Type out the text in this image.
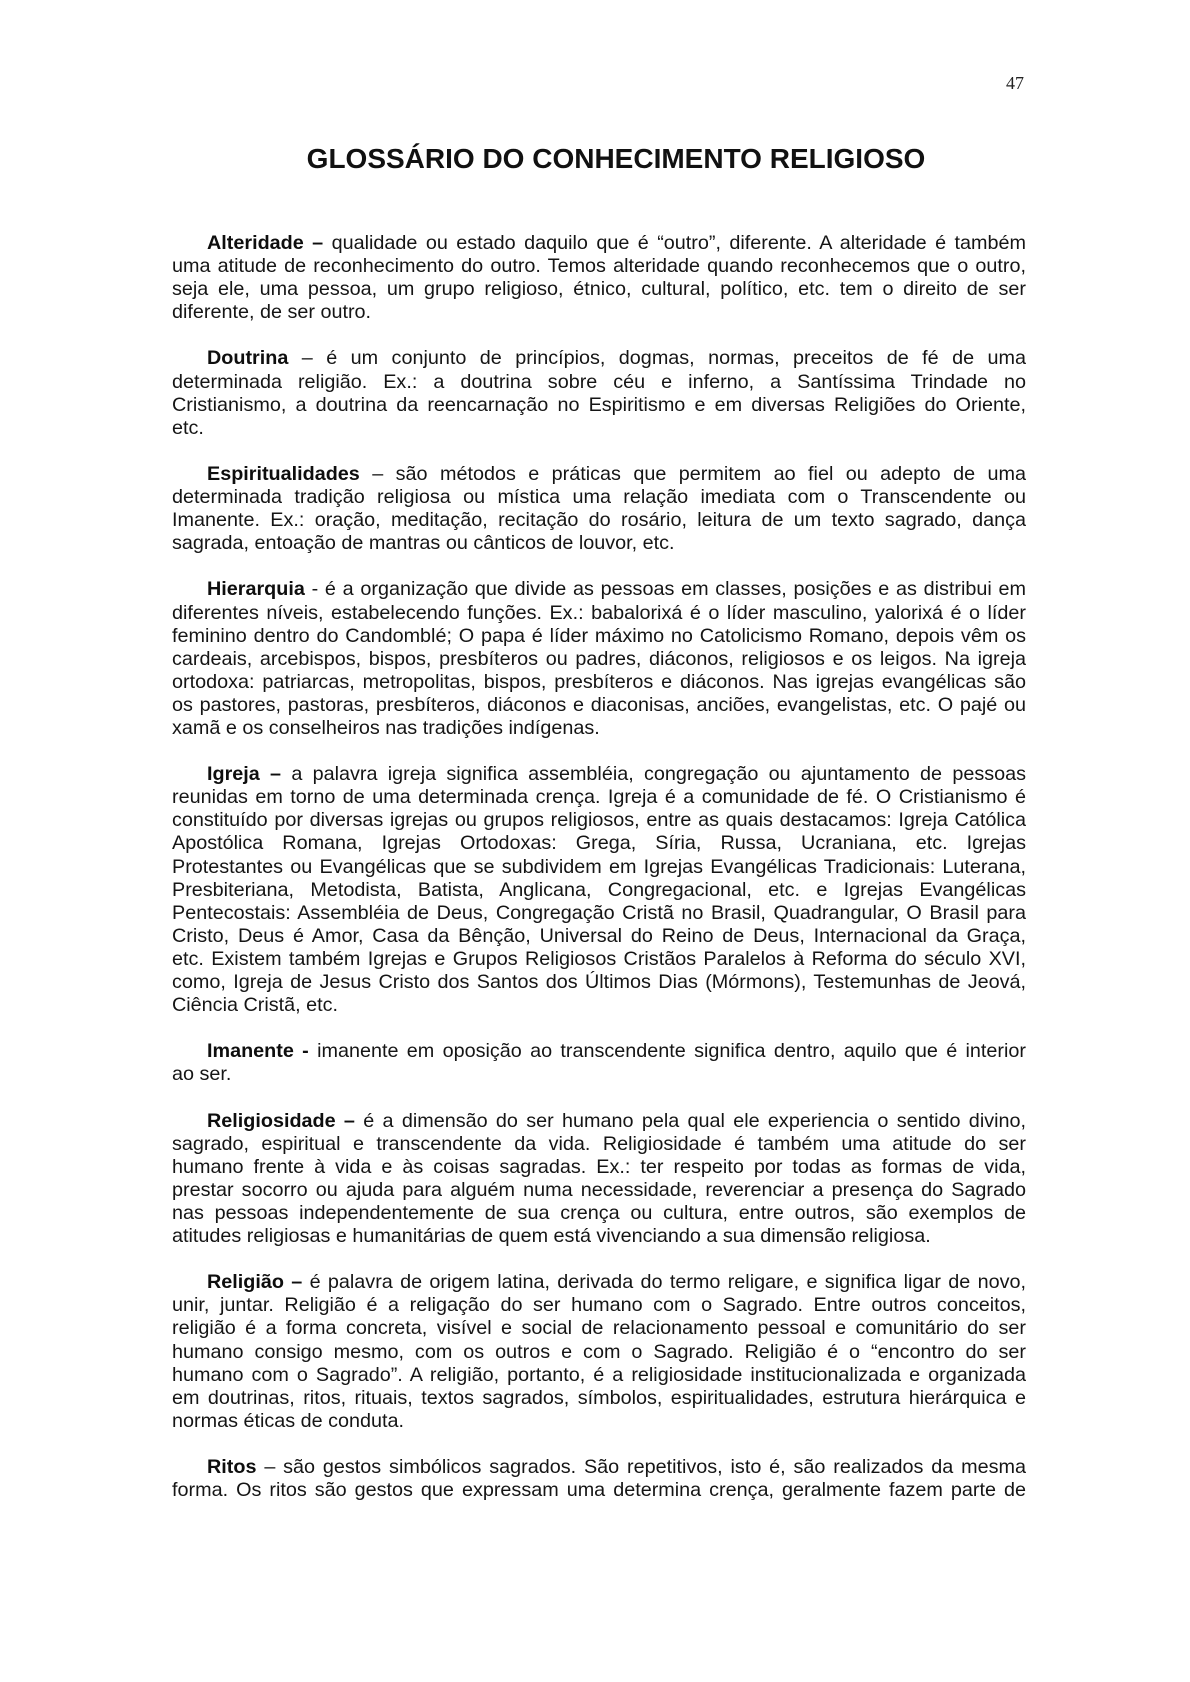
47
GLOSSÁRIO DO CONHECIMENTO RELIGIOSO
Alteridade – qualidade ou estado daquilo que é “outro”, diferente. A alteridade é também
uma atitude de reconhecimento do outro. Temos alteridade quando reconhecemos que o outro,
seja ele, uma pessoa, um grupo religioso, étnico, cultural, político, etc. tem o direito de ser
diferente, de ser outro.
Doutrina – é um conjunto de princípios, dogmas, normas, preceitos de fé de uma
determinada religião. Ex.: a doutrina sobre céu e inferno, a Santíssima Trindade no
Cristianismo, a doutrina da reencarnação no Espiritismo e em diversas Religiões do Oriente,
etc.
Espiritualidades – são métodos e práticas que permitem ao fiel ou adepto de uma
determinada tradição religiosa ou mística uma relação imediata com o Transcendente ou
Imanente. Ex.: oração, meditação, recitação do rosário, leitura de um texto sagrado, dança
sagrada, entoação de mantras ou cânticos de louvor, etc.
Hierarquia - é a organização que divide as pessoas em classes, posições e as distribui em
diferentes níveis, estabelecendo funções. Ex.: babalorixá é o líder masculino, yalorixá é o líder
feminino dentro do Candomblé; O papa é líder máximo no Catolicismo Romano, depois vêm os
cardeais, arcebispos, bispos, presbíteros ou padres, diáconos, religiosos e os leigos. Na igreja
ortodoxa: patriarcas, metropolitas, bispos, presbíteros e diáconos. Nas igrejas evangélicas são
os pastores, pastoras, presbíteros, diáconos e diaconisas, anciões, evangelistas, etc. O pajé ou
xamã e os conselheiros nas tradições indígenas.
Igreja – a palavra igreja significa assembléia, congregação ou ajuntamento de pessoas
reunidas em torno de uma determinada crença. Igreja é a comunidade de fé. O Cristianismo é
constituído por diversas igrejas ou grupos religiosos, entre as quais destacamos: Igreja Católica
Apostólica Romana, Igrejas Ortodoxas: Grega, Síria, Russa, Ucraniana, etc. Igrejas
Protestantes ou Evangélicas que se subdividem em Igrejas Evangélicas Tradicionais: Luterana,
Presbiteriana, Metodista, Batista, Anglicana, Congregacional, etc. e Igrejas Evangélicas
Pentecostais: Assembléia de Deus, Congregação Cristã no Brasil, Quadrangular, O Brasil para
Cristo, Deus é Amor, Casa da Bênção, Universal do Reino de Deus, Internacional da Graça,
etc. Existem também Igrejas e Grupos Religiosos Cristãos Paralelos à Reforma do século XVI,
como, Igreja de Jesus Cristo dos Santos dos Últimos Dias (Mórmons), Testemunhas de Jeová,
Ciência Cristã, etc.
Imanente - imanente em oposição ao transcendente significa dentro, aquilo que é interior
ao ser.
Religiosidade – é a dimensão do ser humano pela qual ele experiencia o sentido divino,
sagrado, espiritual e transcendente da vida. Religiosidade é também uma atitude do ser
humano frente à vida e às coisas sagradas. Ex.: ter respeito por todas as formas de vida,
prestar socorro ou ajuda para alguém numa necessidade, reverenciar a presença do Sagrado
nas pessoas independentemente de sua crença ou cultura, entre outros, são exemplos de
atitudes religiosas e humanitárias de quem está vivenciando a sua dimensão religiosa.
Religião – é palavra de origem latina, derivada do termo religare, e significa ligar de novo,
unir, juntar. Religião é a religação do ser humano com o Sagrado. Entre outros conceitos,
religião é a forma concreta, visível e social de relacionamento pessoal e comunitário do ser
humano consigo mesmo, com os outros e com o Sagrado. Religião é o “encontro do ser
humano com o Sagrado”. A religião, portanto, é a religiosidade institucionalizada e organizada
em doutrinas, ritos, rituais, textos sagrados, símbolos, espiritualidades, estrutura hierárquica e
normas éticas de conduta.
Ritos – são gestos simbólicos sagrados. São repetitivos, isto é, são realizados da mesma
forma. Os ritos são gestos que expressam uma determina crença, geralmente fazem parte de
